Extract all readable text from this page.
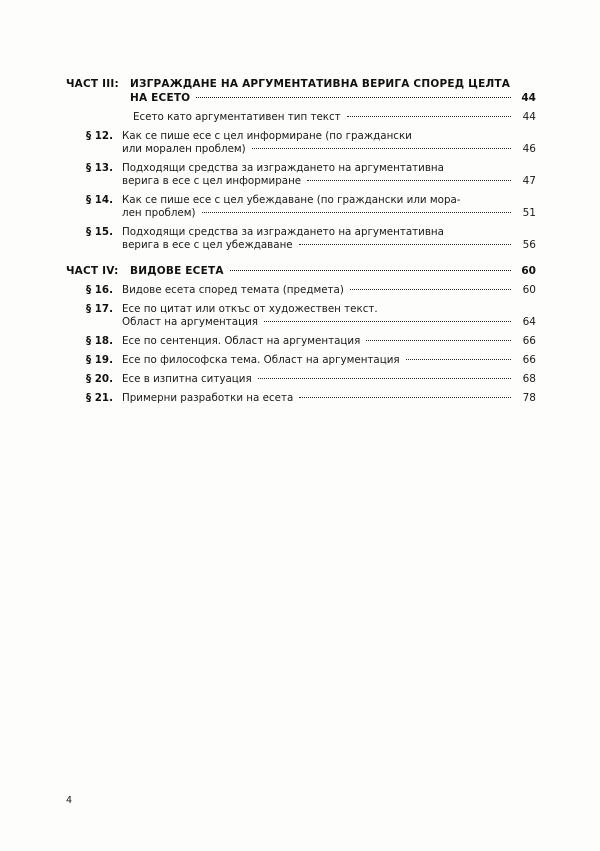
ЧАСТ III:	ИЗГРАЖДАНЕ НА АРГУМЕНТАТИВНА ВЕРИГА СПОРЕД ЦЕЛТА
НА ЕСЕТО	44
Есето като аргументативен тип текст	44
§ 12. Как се пише есе с цел информиране (по граждански
или морален проблем)	46
§ 13. Подходящи средства за изграждането на аргументативна
верига в есе с цел информиране	47
§ 14. Как се пише есе с цел убеждаване (по граждански или мора-
лен проблем)	51
§ 15. Подходящи средства за изграждането на аргументативна
верига в есе с цел убеждаване	56
ЧАСТ IV:	ВИДОВЕ ЕСЕТА	60
§ 16. Видове есета според темата (предмета)	60
§ 17. Есе по цитат или откъс от художествен текст.
Област на аргументация	64
§ 18. Есе по сентенция. Област на аргументация	66
§ 19. Есе по философска тема. Област на аргументация	66
§ 20. Есе в изпитна ситуация	68
§ 21. Примерни разработки на есета	78
4
